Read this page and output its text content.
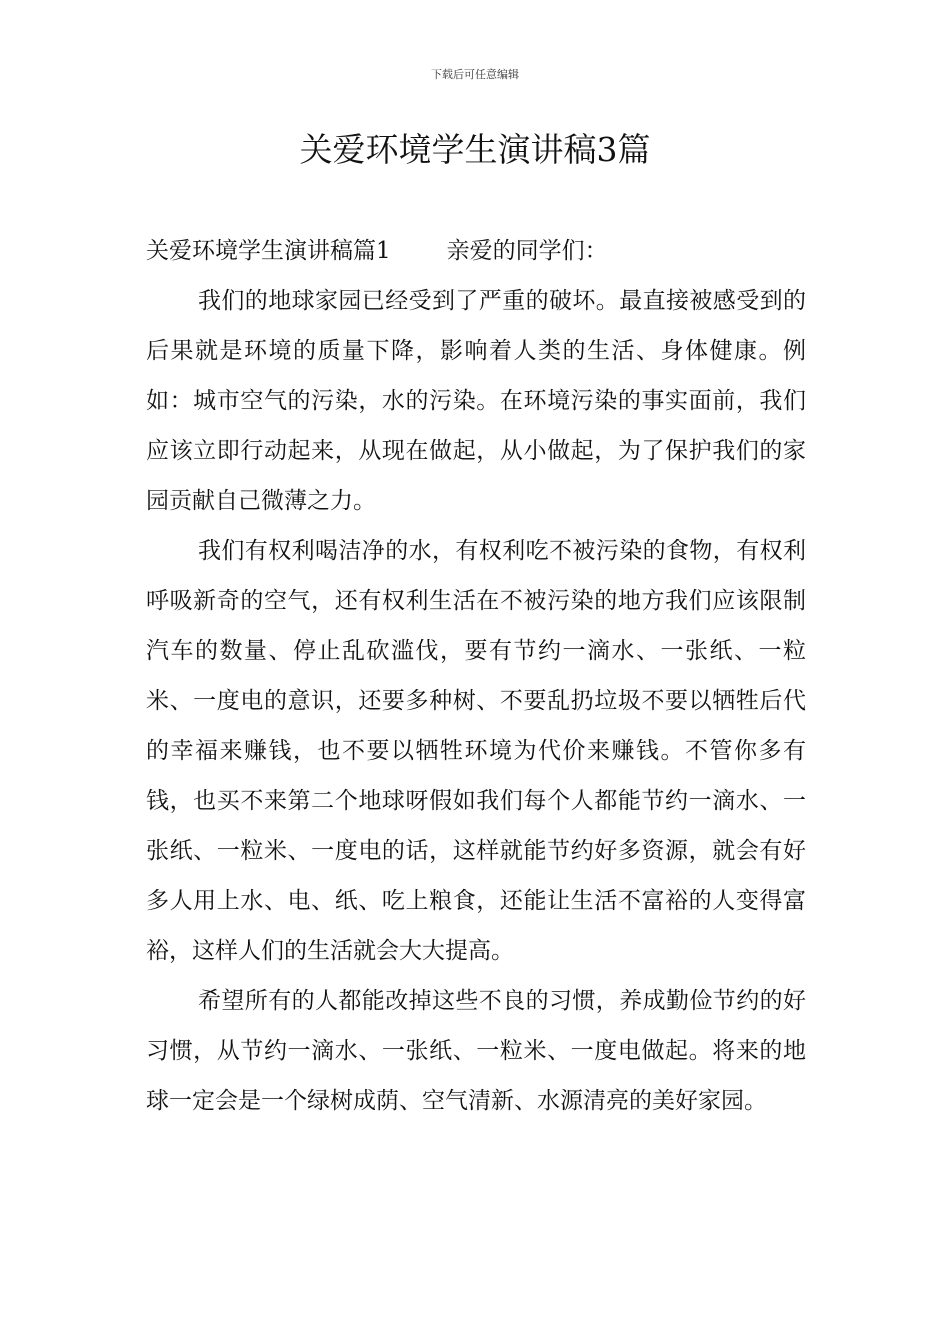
下载后可任意编辑
关爱环境学生演讲稿3篇

关爱环境学生演讲稿篇1 亲爱的同学们：

我们的地球家园已经受到了严重的破坏。最直接被感受到的后果就是环境的质量下降，影响着人类的生活、身体健康。例如：城市空气的污染，水的污染。在环境污染的事实面前，我们应该立即行动起来，从现在做起，从小做起，为了保护我们的家园贡献自己微薄之力。

我们有权利喝洁净的水，有权利吃不被污染的食物，有权利呼吸新奇的空气，还有权利生活在不被污染的地方我们应该限制汽车的数量、停止乱砍滥伐，要有节约一滴水、一张纸、一粒米、一度电的意识，还要多种树、不要乱扔垃圾不要以牺牲后代的幸福来赚钱，也不要以牺牲环境为代价来赚钱。不管你多有钱，也买不来第二个地球呀假如我们每个人都能节约一滴水、一张纸、一粒米、一度电的话，这样就能节约好多资源，就会有好多人用上水、电、纸、吃上粮食，还能让生活不富裕的人变得富裕，这样人们的生活就会大大提高。

希望所有的人都能改掉这些不良的习惯，养成勤俭节约的好习惯，从节约一滴水、一张纸、一粒米、一度电做起。将来的地球一定会是一个绿树成荫、空气清新、水源清亮的美好家园。
